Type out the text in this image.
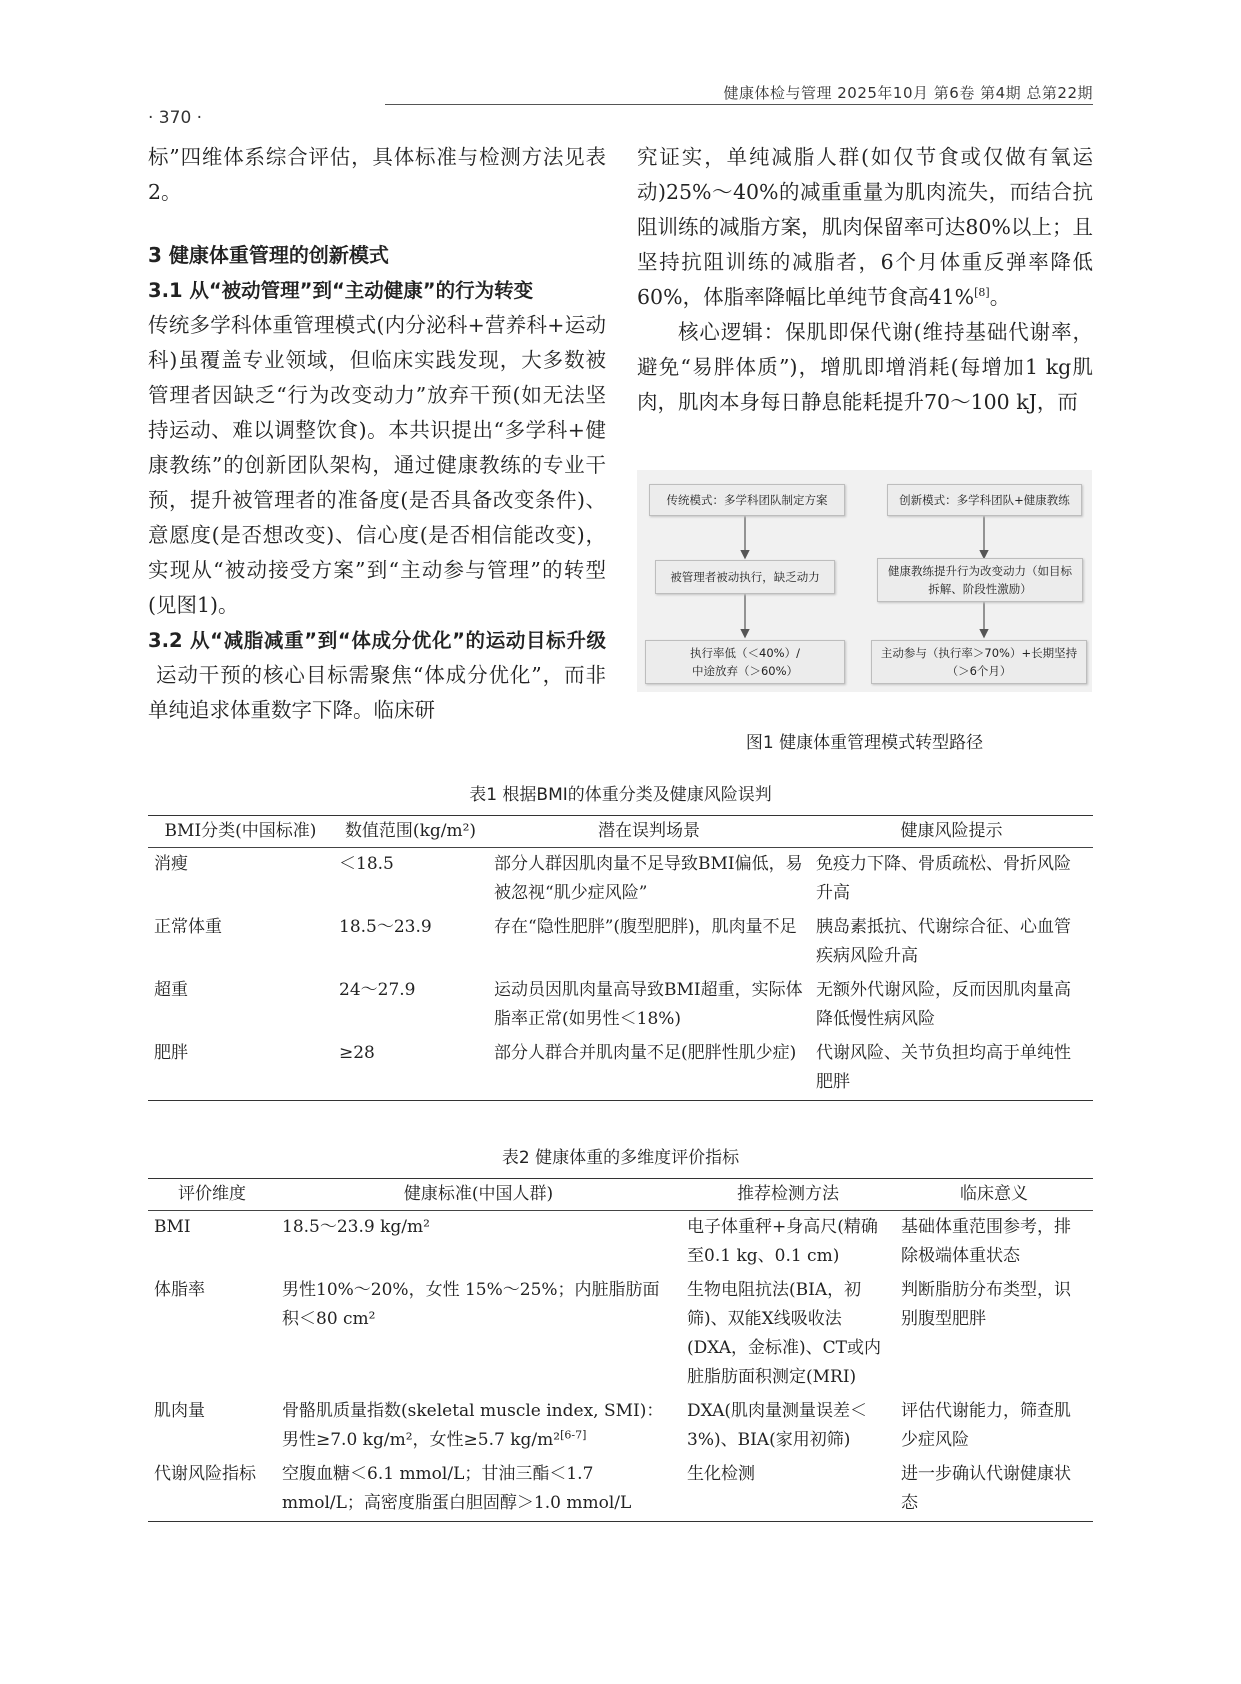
健康体检与管理 2025年10月 第6卷 第4期 总第22期
· 370 ·

标”四维体系综合评估，具体标准与检测方法见表2。

3 健康体重管理的创新模式

3.1 从“被动管理”到“主动健康”的行为转变

传统多学科体重管理模式(内分泌科+营养科+运动科)虽覆盖专业领域，但临床实践发现，大多数被管理者因缺乏“行为改变动力”放弃干预(如无法坚持运动、难以调整饮食)。本共识提出“多学科+健康教练”的创新团队架构，通过健康教练的专业干预，提升被管理者的准备度(是否具备改变条件)、意愿度(是否想改变)、信心度(是否相信能改变)，实现从“被动接受方案”到“主动参与管理”的转型(见图1)。

3.2 从“减脂减重”到“体成分优化”的运动目标升级

运动干预的核心目标需聚焦“体成分优化”，而非单纯追求体重数字下降。临床研

究证实，单纯减脂人群(如仅节食或仅做有氧运动)25%～40%的减重重量为肌肉流失，而结合抗阻训练的减脂方案，肌肉保留率可达80%以上；且坚持抗阻训练的减脂者，6个月体重反弹率降低60%，体脂率降幅比单纯节食高41%[8]。

核心逻辑：保肌即保代谢(维持基础代谢率，避免“易胖体质”)，增肌即增消耗(每增加1 kg肌肉，肌肉本身每日静息能耗提升70～100 kJ，而

传统模式：多学科团队制定方案
被管理者被动执行，缺乏动力
执行率低（＜40%）/
中途放弃（＞60%）
创新模式：多学科团队+健康教练
健康教练提升行为改变动力（如目标
拆解、阶段性激励）
主动参与（执行率＞70%）+长期坚持
（＞6个月）
图1 健康体重管理模式转型路径
表1 根据BMI的体重分类及健康风险误判
BMI分类(中国标准)	数值范围(kg/m²)	潜在误判场景	健康风险提示
消瘦	＜18.5	部分人群因肌肉量不足导致BMI偏低，易被忽视“肌少症风险”	免疫力下降、骨质疏松、骨折风险升高
正常体重	18.5～23.9	存在“隐性肥胖”(腹型肥胖)，肌肉量不足	胰岛素抵抗、代谢综合征、心血管疾病风险升高
超重	24～27.9	运动员因肌肉量高导致BMI超重，实际体脂率正常(如男性＜18%)	无额外代谢风险，反而因肌肉量高降低慢性病风险
肥胖	≥28	部分人群合并肌肉量不足(肥胖性肌少症)	代谢风险、关节负担均高于单纯性肥胖
表2 健康体重的多维度评价指标
评价维度	健康标准(中国人群)	推荐检测方法	临床意义
BMI	18.5～23.9 kg/m²	电子体重秤+身高尺(精确至0.1 kg、0.1 cm)	基础体重范围参考，排除极端体重状态
体脂率	男性10%～20%，女性 15%～25%；内脏脂肪面积＜80 cm²	生物电阻抗法(BIA，初筛)、双能X线吸收法(DXA，金标准)、CT或内脏脂肪面积测定(MRI)	判断脂肪分布类型，识别腹型肥胖
肌肉量	骨骼肌质量指数(skeletal muscle index, SMI)：男性≥7.0 kg/m²，女性≥5.7 kg/m²[6-7]	DXA(肌肉量测量误差＜3%)、BIA(家用初筛)	评估代谢能力，筛查肌少症风险
代谢风险指标	空腹血糖＜6.1 mmol/L；甘油三酯＜1.7 mmol/L；高密度脂蛋白胆固醇＞1.0 mmol/L	生化检测	进一步确认代谢健康状态
